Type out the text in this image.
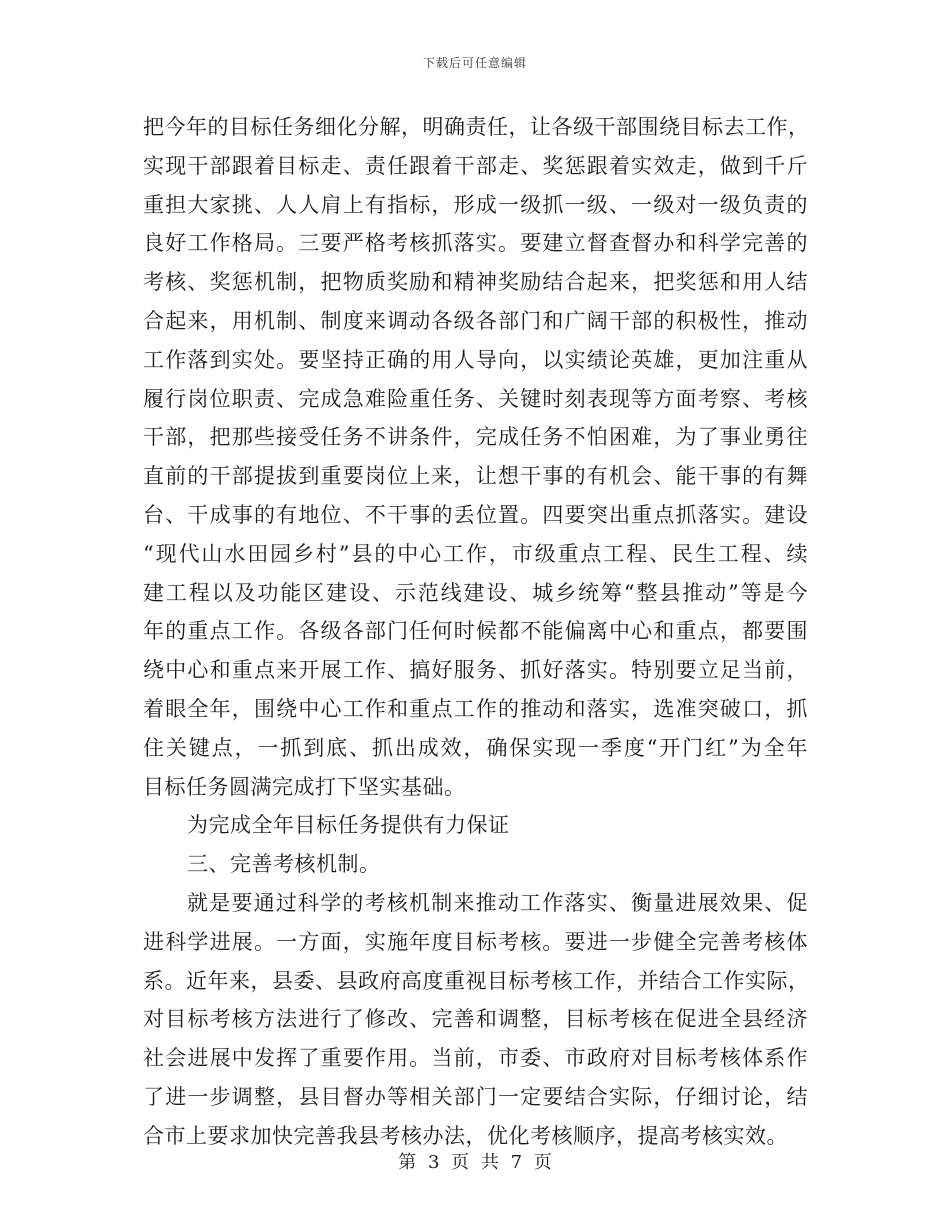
下载后可任意编辑
把今年的目标任务细化分解，明确责任，让各级干部围绕目标去工作，
实现干部跟着目标走、责任跟着干部走、奖惩跟着实效走，做到千斤
重担大家挑、人人肩上有指标，形成一级抓一级、一级对一级负责的
良好工作格局。三要严格考核抓落实。要建立督查督办和科学完善的
考核、奖惩机制，把物质奖励和精神奖励结合起来，把奖惩和用人结
合起来，用机制、制度来调动各级各部门和广阔干部的积极性，推动
工作落到实处。要坚持正确的用人导向，以实绩论英雄，更加注重从
履行岗位职责、完成急难险重任务、关键时刻表现等方面考察、考核
干部，把那些接受任务不讲条件，完成任务不怕困难，为了事业勇往
直前的干部提拔到重要岗位上来，让想干事的有机会、能干事的有舞
台、干成事的有地位、不干事的丢位置。四要突出重点抓落实。建设
“现代山水田园乡村”县的中心工作，市级重点工程、民生工程、续
建工程以及功能区建设、示范线建设、城乡统筹“整县推动”等是今
年的重点工作。各级各部门任何时候都不能偏离中心和重点，都要围
绕中心和重点来开展工作、搞好服务、抓好落实。特别要立足当前，
着眼全年，围绕中心工作和重点工作的推动和落实，选准突破口，抓
住关键点，一抓到底、抓出成效，确保实现一季度“开门红”为全年
目标任务圆满完成打下坚实基础。
为完成全年目标任务提供有力保证
三、完善考核机制。
就是要通过科学的考核机制来推动工作落实、衡量进展效果、促
进科学进展。一方面，实施年度目标考核。要进一步健全完善考核体
系。近年来，县委、县政府高度重视目标考核工作，并结合工作实际，
对目标考核方法进行了修改、完善和调整，目标考核在促进全县经济
社会进展中发挥了重要作用。当前，市委、市政府对目标考核体系作
了进一步调整，县目督办等相关部门一定要结合实际，仔细讨论，结
合市上要求加快完善我县考核办法，优化考核顺序，提高考核实效。
第 3 页 共 7 页
